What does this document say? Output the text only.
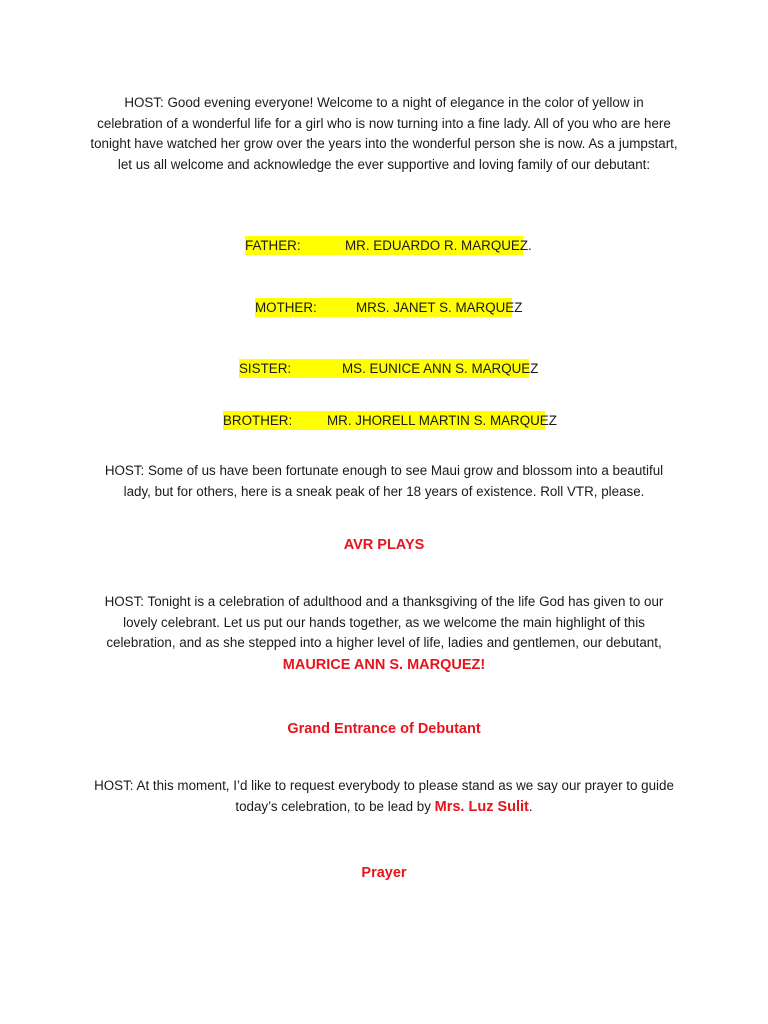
HOST: Good evening everyone! Welcome to a night of elegance in the color of yellow in celebration of a wonderful life for a girl who is now turning into a fine lady. All of you who are here tonight have watched her grow over the years into the wonderful person she is now. As a jumpstart, let us all welcome and acknowledge the ever supportive and loving family of our debutant:
FATHER:	MR. EDUARDO R. MARQUEZ.
MOTHER:	MRS. JANET S. MARQUEZ
SISTER:	MS. EUNICE ANN S. MARQUEZ
BROTHER:	MR. JHORELL MARTIN S. MARQUEZ
HOST: Some of us have been fortunate enough to see Maui grow and blossom into a beautiful lady, but for others, here is a sneak peak of her 18 years of existence. Roll VTR, please.
AVR PLAYS
HOST: Tonight is a celebration of adulthood and a thanksgiving of the life God has given to our lovely celebrant. Let us put our hands together, as we welcome the main highlight of this celebration, and as she stepped into a higher level of life, ladies and gentlemen, our debutant,
MAURICE ANN S. MARQUEZ!
Grand Entrance of Debutant
HOST: At this moment, I’d like to request everybody to please stand as we say our prayer to guide today’s celebration, to be lead by Mrs. Luz Sulit.
Prayer
